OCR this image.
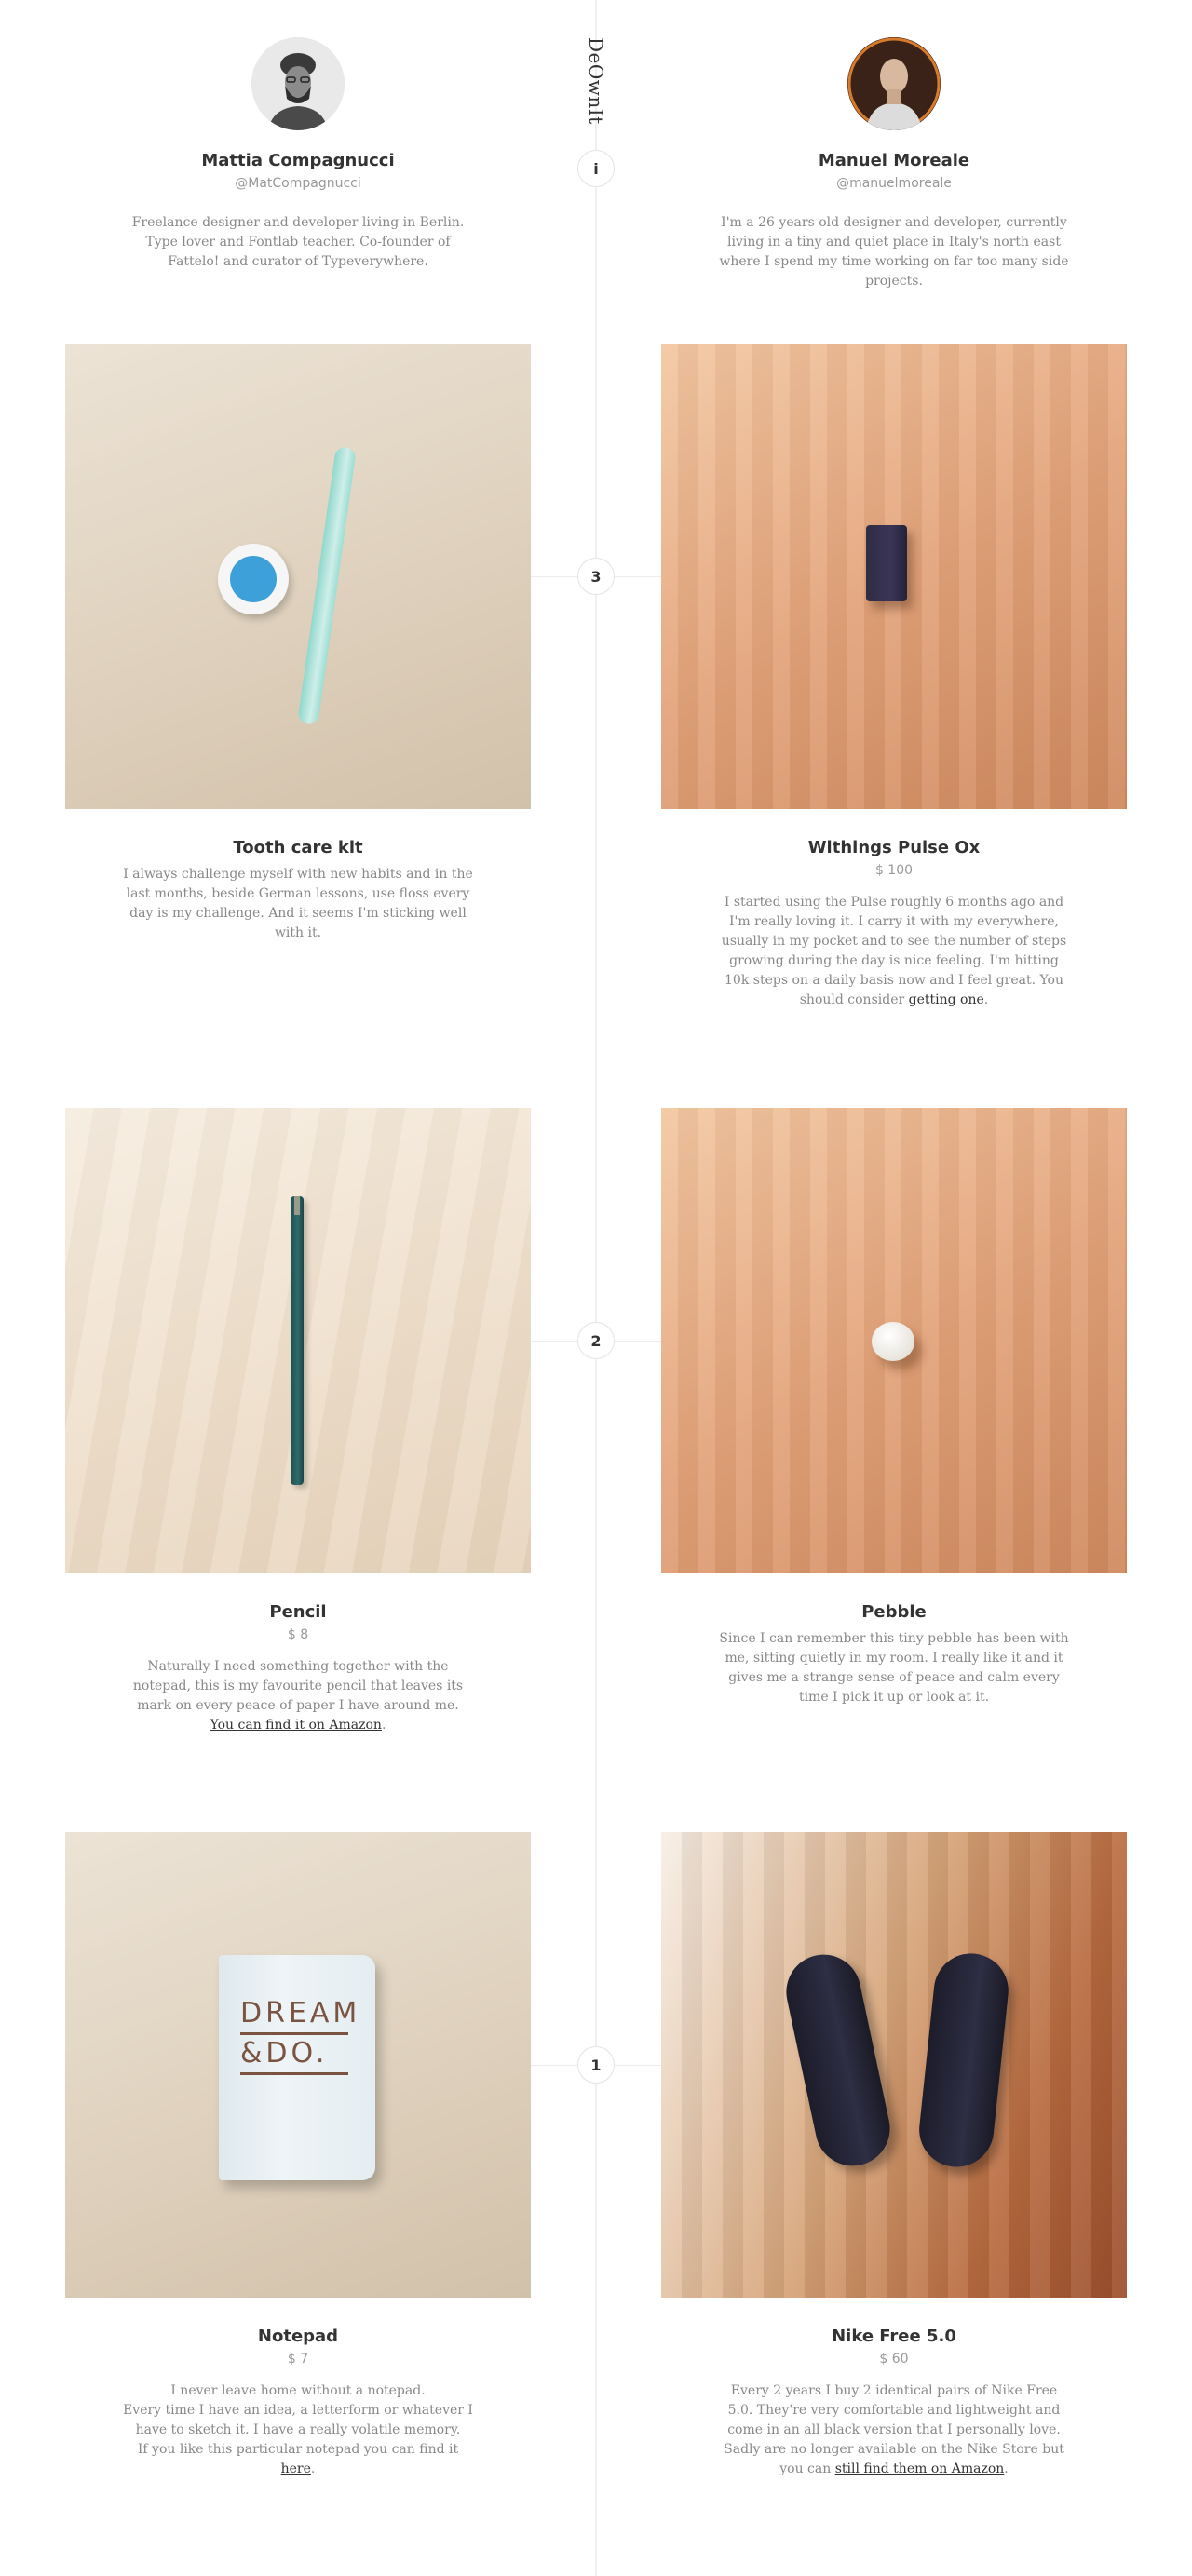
DeOwnIt
i
Mattia Compagnucci
@MatCompagnucci
Freelance designer and developer living in Berlin. Type lover and Fontlab teacher. Co-founder of Fattelo! and curator of Typeverywhere.
Manuel Moreale
@manuelmoreale
I'm a 26 years old designer and developer, currently living in a tiny and quiet place in Italy's north east where I spend my time working on far too many side projects.
3
Tooth care kit
I always challenge myself with new habits and in the last months, beside German lessons, use floss every day is my challenge. And it seems I'm sticking well with it.
Withings Pulse Ox
$ 100
I started using the Pulse roughly 6 months ago and I'm really loving it. I carry it with my everywhere, usually in my pocket and to see the number of steps growing during the day is nice feeling. I'm hitting 10k steps on a daily basis now and I feel great. You should consider getting one.
2
Pencil
$ 8
Naturally I need something together with the notepad, this is my favourite pencil that leaves its mark on every peace of paper I have around me.
You can find it on Amazon.
Pebble
Since I can remember this tiny pebble has been with me, sitting quietly in my room. I really like it and it gives me a strange sense of peace and calm every time I pick it up or look at it.
DREAM
&DO.	1
Notepad
$ 7
I never leave home without a notepad.
Every time I have an idea, a letterform or whatever I have to sketch it. I have a really volatile memory.
If you like this particular notepad you can find it here.
Nike Free 5.0
$ 60
Every 2 years I buy 2 identical pairs of Nike Free 5.0. They're very comfortable and lightweight and come in an all black version that I personally love. Sadly are no longer available on the Nike Store but you can still find them on Amazon.
